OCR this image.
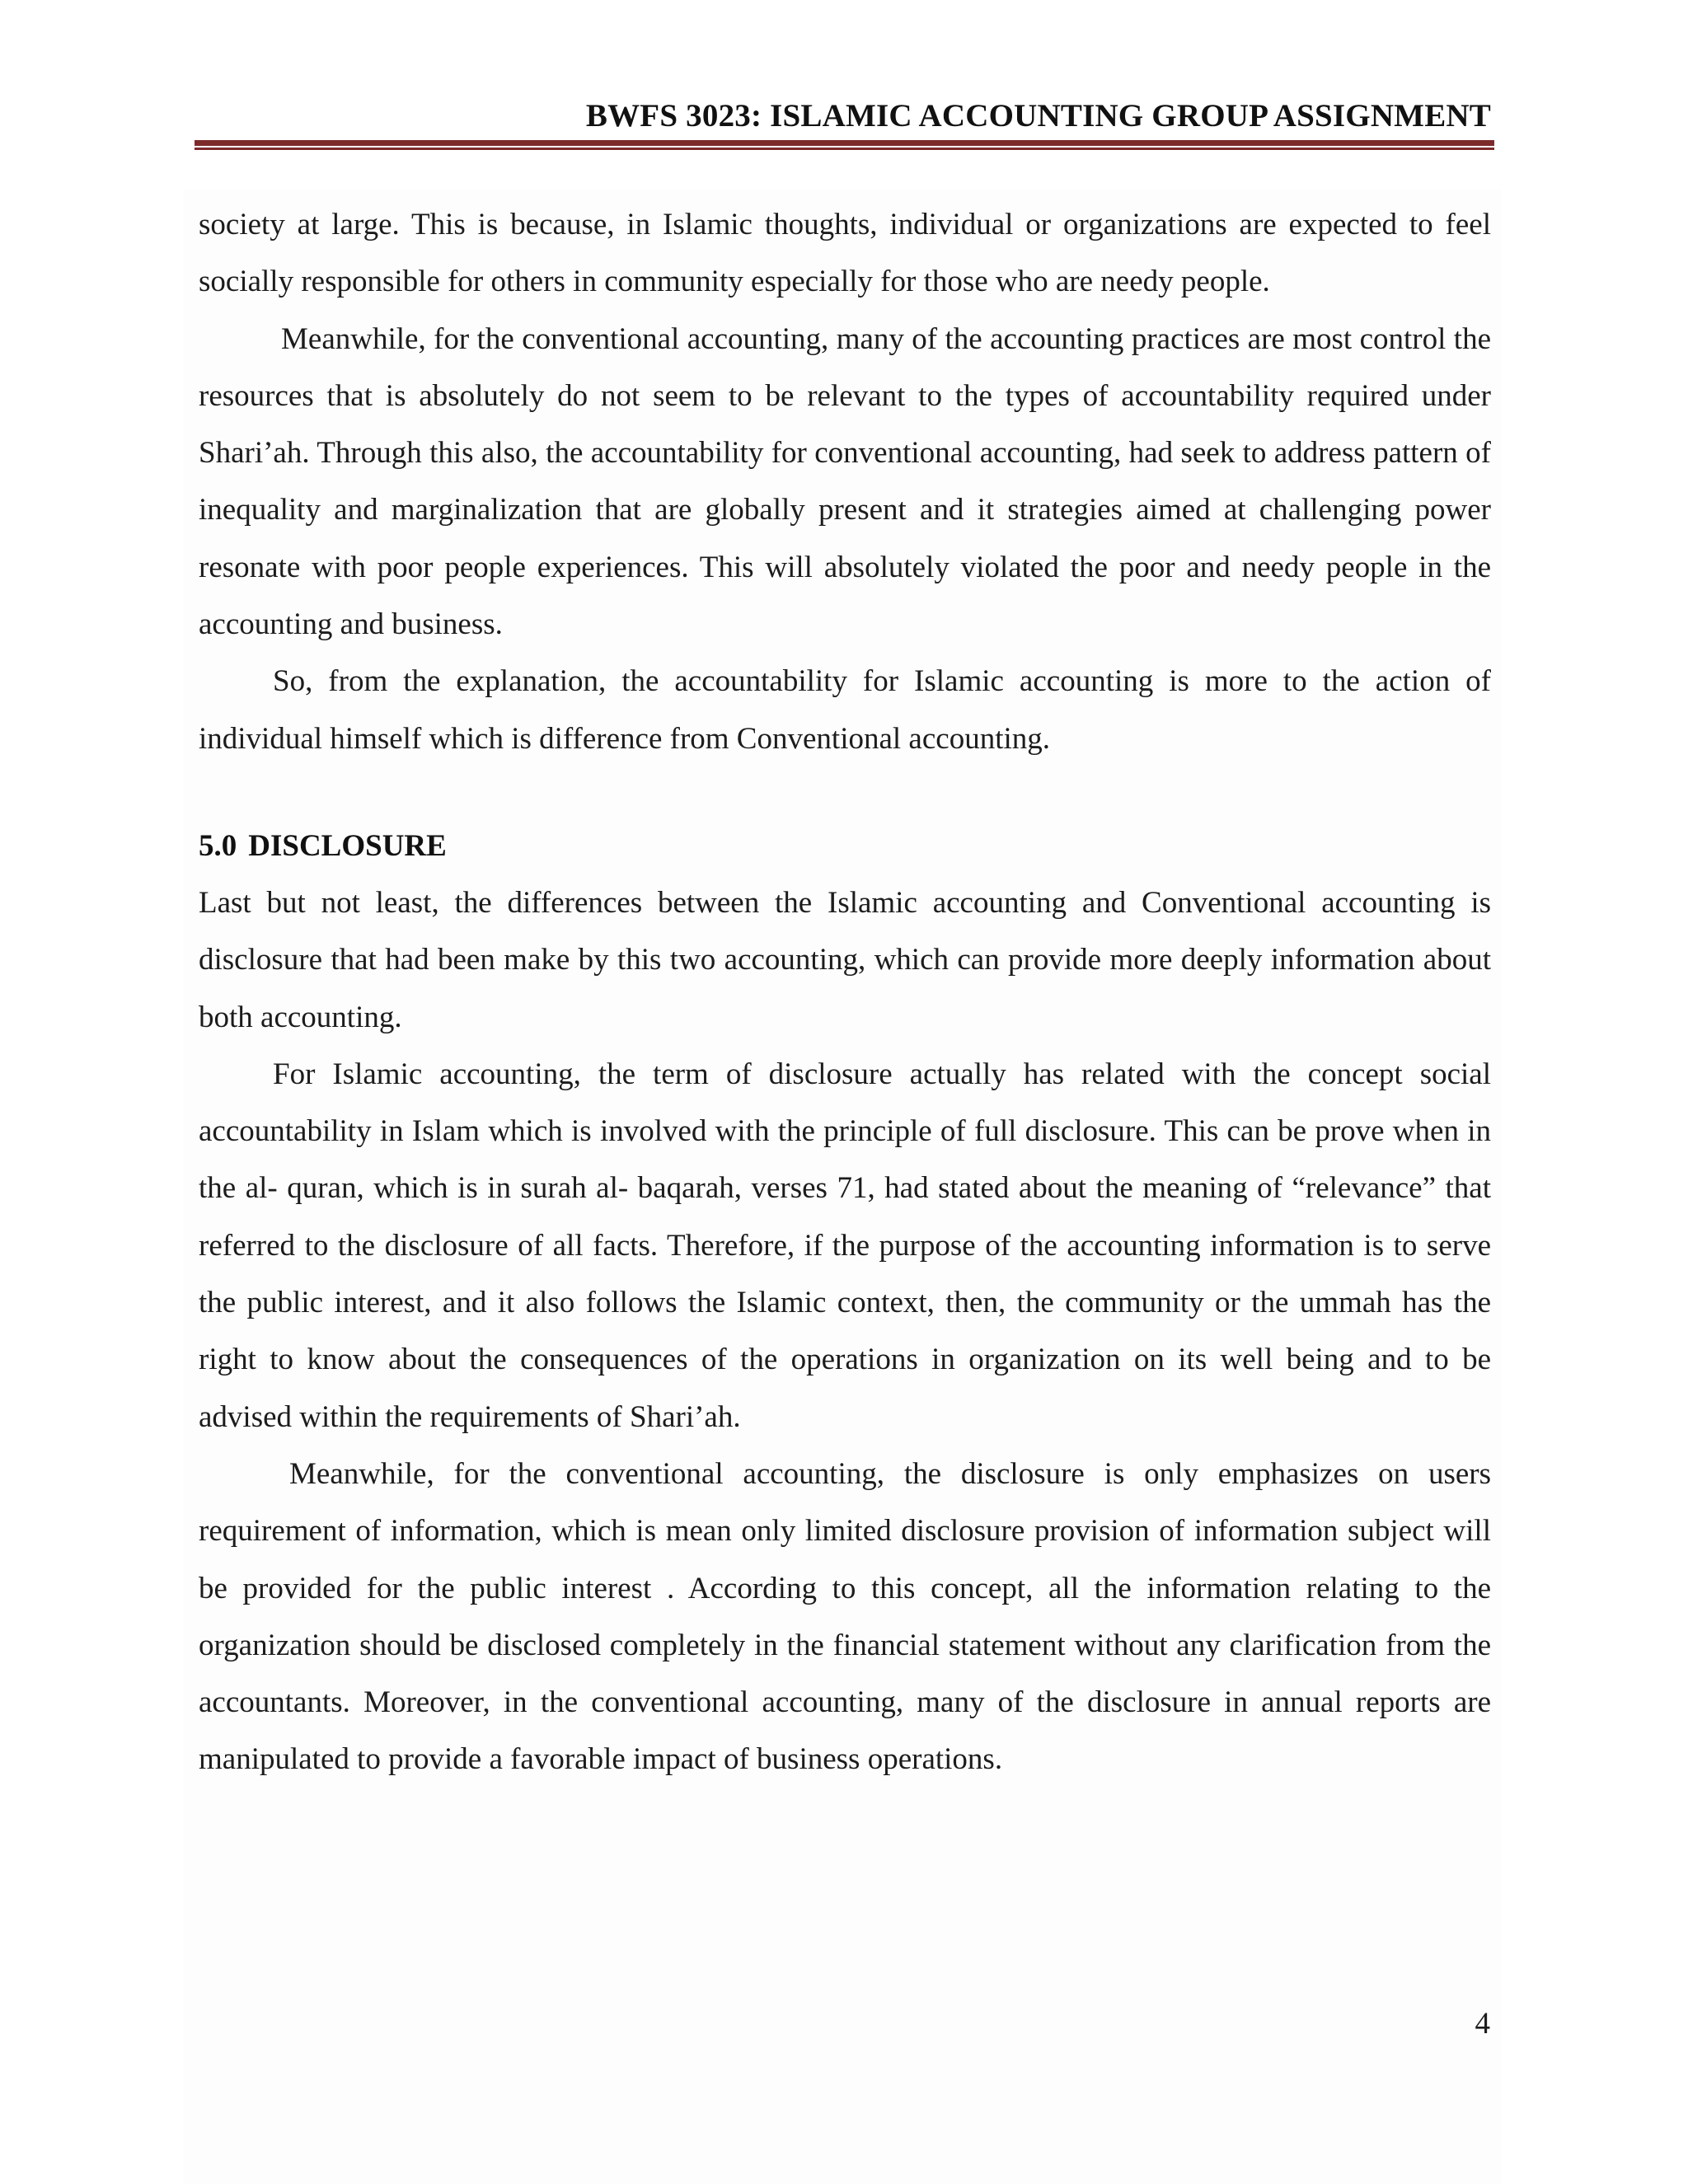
BWFS 3023: ISLAMIC ACCOUNTING GROUP ASSIGNMENT

society at large. This is because, in Islamic thoughts, individual or organizations are expected to feel socially responsible for others in community especially for those who are needy people.

Meanwhile, for the conventional accounting, many of the accounting practices are most control the resources that is absolutely do not seem to be relevant to the types of accountability required under Shari’ah. Through this also, the accountability for conventional accounting, had seek to address pattern of inequality and marginalization that are globally present and it strategies aimed at challenging power resonate with poor people experiences. This will absolutely violated the poor and needy people in the accounting and business.

So, from the explanation, the accountability for Islamic accounting is more to the action of individual himself which is difference from Conventional accounting.

5.0 DISCLOSURE

Last but not least, the differences between the Islamic accounting and Conventional accounting is disclosure that had been make by this two accounting, which can provide more deeply information about both accounting.

For Islamic accounting, the term of disclosure actually has related with the concept social accountability in Islam which is involved with the principle of full disclosure. This can be prove when in the al- quran, which is in surah al- baqarah, verses 71, had stated about the meaning of “relevance” that referred to the disclosure of all facts. Therefore, if the purpose of the accounting information is to serve the public interest, and it also follows the Islamic context, then, the community or the ummah has the right to know about the consequences of the operations in organization on its well being and to be advised within the requirements of Shari’ah.

Meanwhile, for the conventional accounting, the disclosure is only emphasizes on users requirement of information, which is mean only limited disclosure provision of information subject will be provided for the public interest . According to this concept, all the information relating to the organization should be disclosed completely in the financial statement without any clarification from the accountants. Moreover, in the conventional accounting, many of the disclosure in annual reports are manipulated to provide a favorable impact of business operations.

4
